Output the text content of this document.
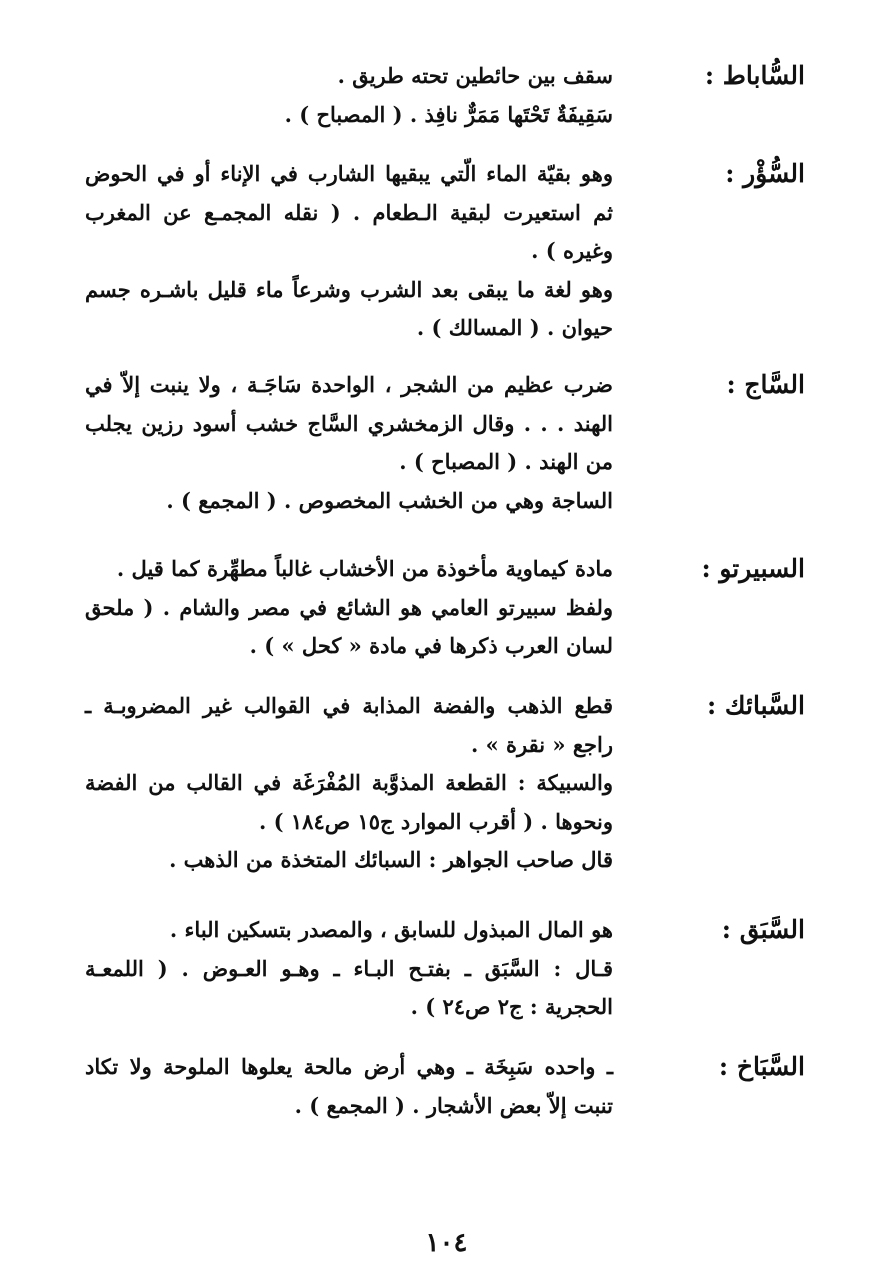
السُّاباط :

سقف بين حائطين تحته طريق .

سَقِيفَةٌ تَحْتَها مَمَرٌّ نافِذ . ( المصباح ) .

السُّؤْر :

وهو بقيّة الماء الّتي يبقيها الشارب في الإناء أو في الحوض ثم استعيرت لبقية الـطعام . ( نقله المجمـع عن المغرب وغيره ) .

وهو لغة ما يبقى بعد الشرب وشرعاً ماء قليل باشـره جسم حيوان . ( المسالك ) .

السَّاج :

ضرب عظيم من الشجر ، الواحدة سَاجَـة ، ولا ينبت إلاّ في الهند . . . وقال الزمخشري السَّاج خشب أسود رزين يجلب من الهند . ( المصباح ) .

الساجة وهي من الخشب المخصوص . ( المجمع ) .

السبيرتو :

مادة كيماوية مأخوذة من الأخشاب غالباً مطهِّرة كما قيل .

ولفظ سبيرتو العامي هو الشائع في مصر والشام . ( ملحق لسان العرب ذكرها في مادة « كحل » ) .

السَّبائك :

قطع الذهب والفضة المذابة في القوالب غير المضروبـة ـ راجع « نقرة » .

والسبيكة : القطعة المذوَّبة المُفْرَغَة في القالب من الفضة ونحوها . ( أقرب الموارد ج١٥ ص١٨٤ ) .

قال صاحب الجواهر : السبائك المتخذة من الذهب .

السَّبَق :

هو المال المبذول للسابق ، والمصدر بتسكين الباء .

قـال : السَّبَق ـ بفتـح البـاء ـ وهـو العـوض . ( اللمعـة الحجرية : ج٢ ص٢٤ ) .

السَّبَاخ :

ـ واحده سَبِخَة ـ وهي أرض مالحة يعلوها الملوحة ولا تكاد تنبت إلاّ بعض الأشجار . ( المجمع ) .

١٠٤
